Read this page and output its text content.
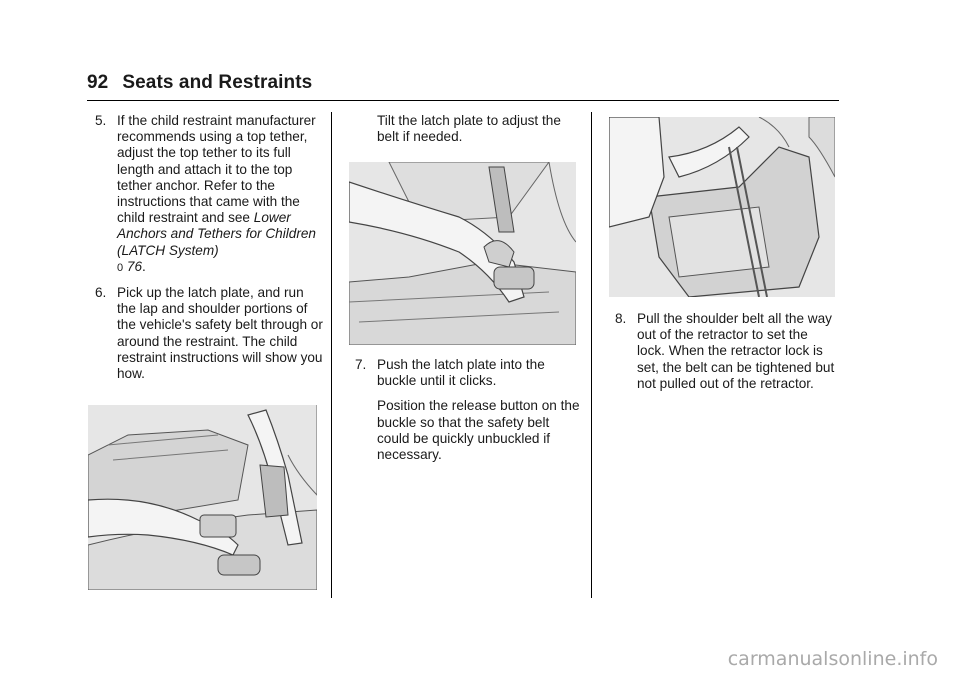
92 Seats and Restraints
5. If the child restraint manufacturer recommends using a top tether, adjust the top tether to its full length and attach it to the top tether anchor. Refer to the instructions that came with the child restraint and see Lower Anchors and Tethers for Children (LATCH System)
0 76.
6. Pick up the latch plate, and run the lap and shoulder portions of the vehicle's safety belt through or around the restraint. The child restraint instructions will show you how.

Tilt the latch plate to adjust the belt if needed.

7. Push the latch plate into the buckle until it clicks.

Position the release button on the buckle so that the safety belt could be quickly unbuckled if necessary.

8. Pull the shoulder belt all the way out of the retractor to set the lock. When the retractor lock is set, the belt can be tightened but not pulled out of the retractor.
carmanualsonline.info
